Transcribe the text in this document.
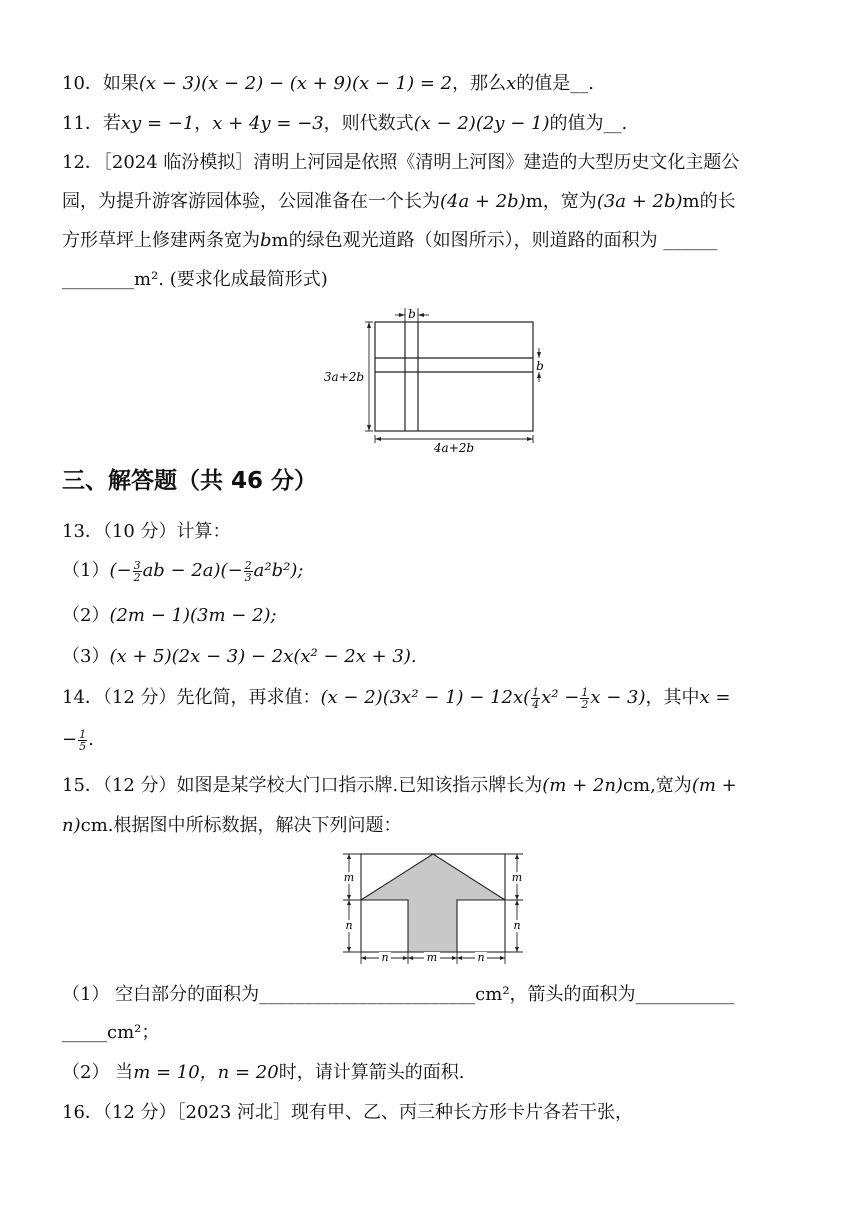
10．如果(x − 3)(x − 2) − (x + 9)(x − 1) = 2，那么x的值是__.
11．若xy = −1，x + 4y = −3，则代数式(x − 2)(2y − 1)的值为__.
12．［2024 临汾模拟］清明上河园是依照《清明上河图》建造的大型历史文化主题公
园，为提升游客游园体验，公园准备在一个长为(4a + 2b)m，宽为(3a + 2b)m的长
方形草坪上修建两条宽为bm的绿色观光道路（如图所示），则道路的面积为 ______
________m². (要求化成最简形式)
b
b
3a+2b
4a+2b
三、解答题（共 46 分）
13．（10 分）计算：
$(1)(- \frac{3}{2}$ ab − $2a)(- \frac{2}{3} a^2b^2)$;
（2）(2m − 1)(3m − 2);
（3）(x + 5)(2x − 3) − 2x(x² − 2x + 3).
14．（12 分）先化简，再求值：$(x - 2)(3x^2 - 1) - 12x( \frac{1}{4} x^2 - \frac{1}{2}$ x − 3)，其中x =
− $\frac{1}{5}$ .
15．（12 分）如图是某学校大门口指示牌.已知该指示牌长为(m + 2n)cm,宽为(m +
n)cm.根据图中所标数据，解决下列问题：
m
n
m
n
n	m	n
（1） 空白部分的面积为________________________cm²，箭头的面积为___________
_____cm²；
（2） 当m = 10，n = 20时，请计算箭头的面积.
16．（12 分）［2023 河北］现有甲、乙、丙三种长方形卡片各若干张，
